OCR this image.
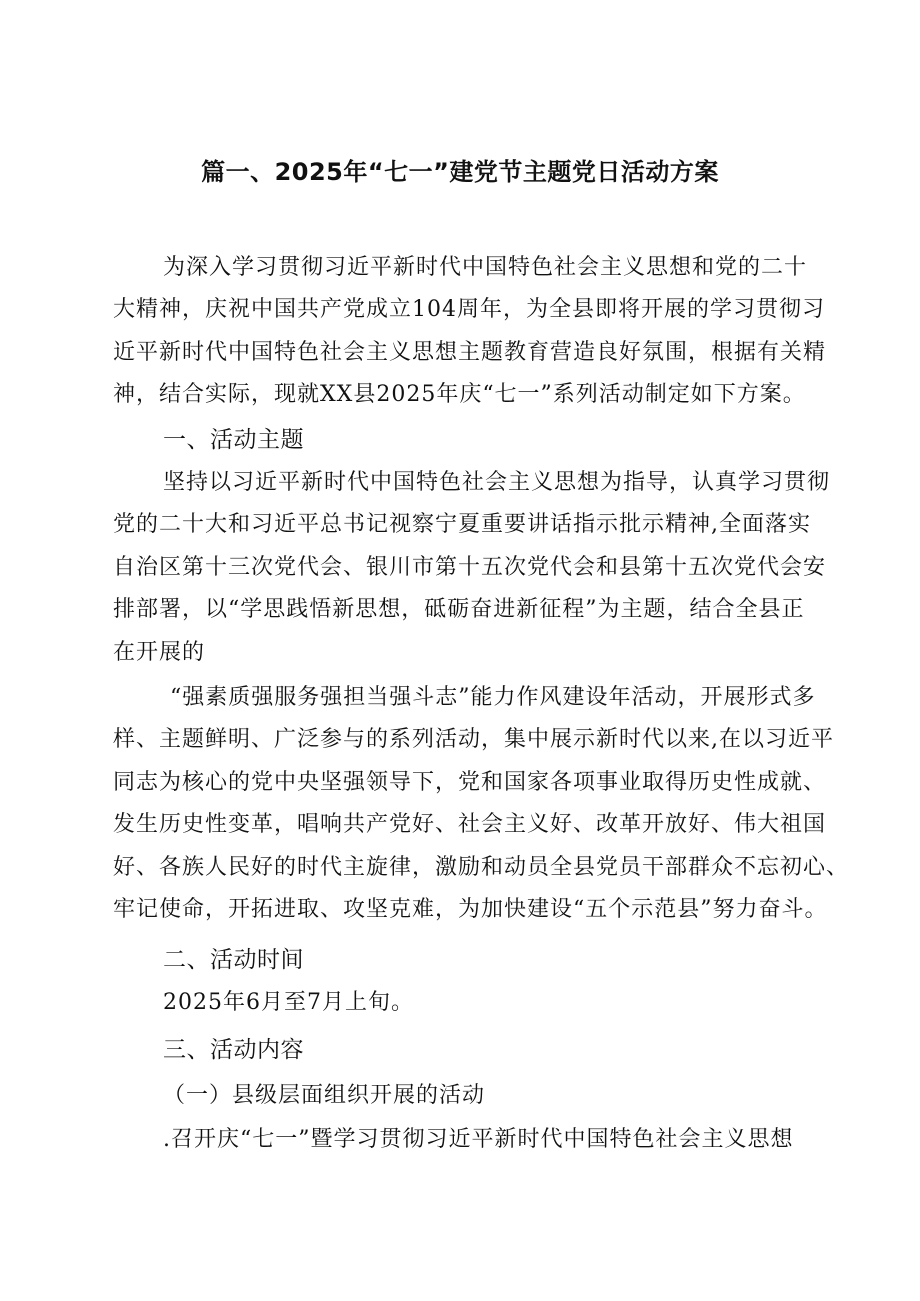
篇一、2025年“七一”建党节主题党日活动方案
为深入学习贯彻习近平新时代中国特色社会主义思想和党的二十
大精神，庆祝中国共产党成立104周年，为全县即将开展的学习贯彻习
近平新时代中国特色社会主义思想主题教育营造良好氛围，根据有关精
神，结合实际，现就XX县2025年庆“七一”系列活动制定如下方案。
一、活动主题
坚持以习近平新时代中国特色社会主义思想为指导，认真学习贯彻
党的二十大和习近平总书记视察宁夏重要讲话指示批示精神,全面落实
自治区第十三次党代会、银川市第十五次党代会和县第十五次党代会安
排部署，以“学思践悟新思想，砥砺奋进新征程”为主题，结合全县正
在开展的
“强素质强服务强担当强斗志”能力作风建设年活动，开展形式多
样、主题鲜明、广泛参与的系列活动，集中展示新时代以来,在以习近平
同志为核心的党中央坚强领导下，党和国家各项事业取得历史性成就、
发生历史性变革，唱响共产党好、社会主义好、改革开放好、伟大祖国
好、各族人民好的时代主旋律，激励和动员全县党员干部群众不忘初心、
牢记使命，开拓进取、攻坚克难，为加快建设“五个示范县”努力奋斗。
二、活动时间
2025年6月至7月上旬。
三、活动内容
（一）县级层面组织开展的活动
.召开庆“七一”暨学习贯彻习近平新时代中国特色社会主义思想
